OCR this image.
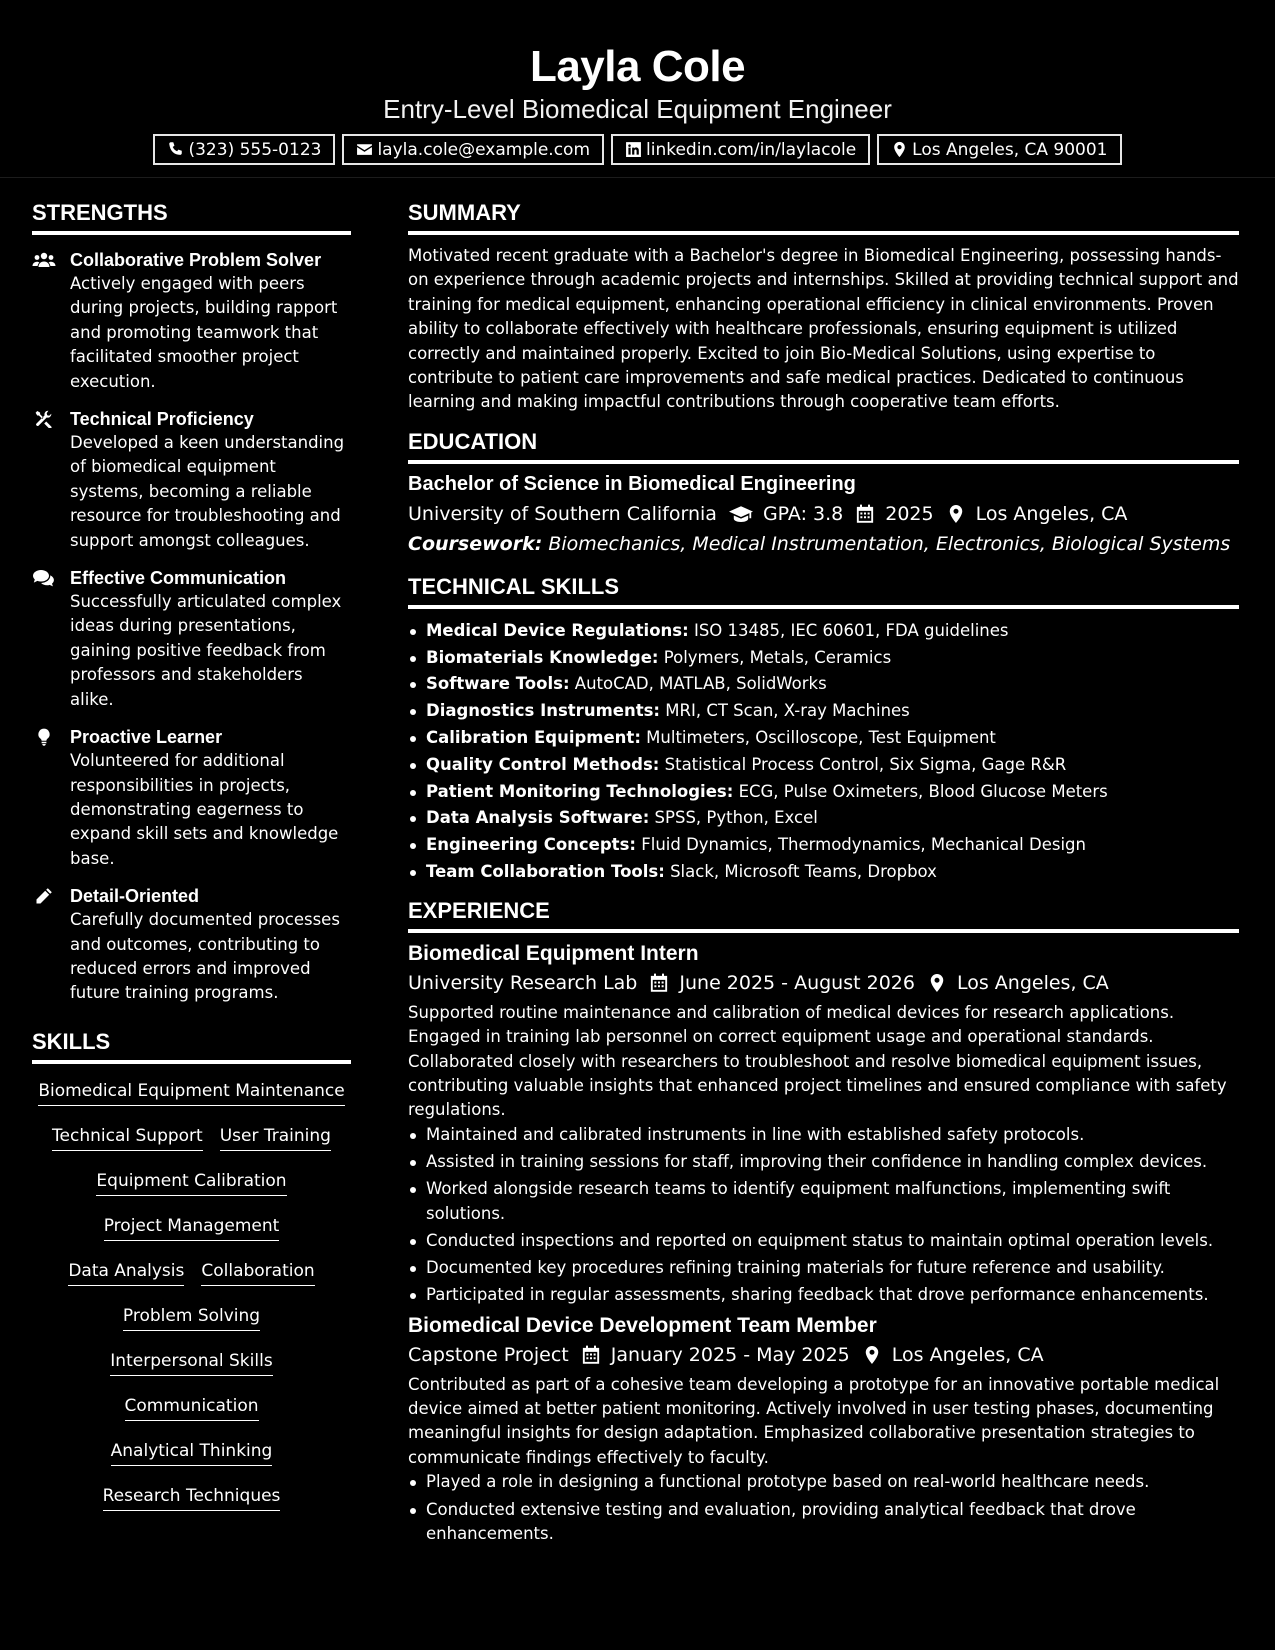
Layla Cole
Entry-Level Biomedical Equipment Engineer
(323) 555-0123	layla.cole@example.com	linkedin.com/in/laylacole	Los Angeles, CA 90001
STRENGTHS
Collaborative Problem Solver
Actively engaged with peers during projects, building rapport and promoting teamwork that facilitated smoother project execution.
Technical Proficiency
Developed a keen understanding of biomedical equipment systems, becoming a reliable resource for troubleshooting and support amongst colleagues.
Effective Communication
Successfully articulated complex ideas during presentations, gaining positive feedback from professors and stakeholders alike.
Proactive Learner
Volunteered for additional responsibilities in projects, demonstrating eagerness to expand skill sets and knowledge base.
Detail-Oriented
Carefully documented processes and outcomes, contributing to reduced errors and improved future training programs.
SKILLS
Biomedical Equipment Maintenance
Technical Support User Training
Equipment Calibration
Project Management
Data Analysis Collaboration
Problem Solving
Interpersonal Skills
Communication
Analytical Thinking
Research Techniques
SUMMARY
Motivated recent graduate with a Bachelor's degree in Biomedical Engineering, possessing hands-on experience through academic projects and internships. Skilled at providing technical support and training for medical equipment, enhancing operational efficiency in clinical environments. Proven ability to collaborate effectively with healthcare professionals, ensuring equipment is utilized correctly and maintained properly. Excited to join Bio-Medical Solutions, using expertise to contribute to patient care improvements and safe medical practices. Dedicated to continuous learning and making impactful contributions through cooperative team efforts.
EDUCATION
Bachelor of Science in Biomedical Engineering
University of Southern California GPA: 3.8 2025 Los Angeles, CA
Coursework: Biomechanics, Medical Instrumentation, Electronics, Biological Systems
TECHNICAL SKILLS
Medical Device Regulations: ISO 13485, IEC 60601, FDA guidelines
Biomaterials Knowledge: Polymers, Metals, Ceramics
Software Tools: AutoCAD, MATLAB, SolidWorks
Diagnostics Instruments: MRI, CT Scan, X-ray Machines
Calibration Equipment: Multimeters, Oscilloscope, Test Equipment
Quality Control Methods: Statistical Process Control, Six Sigma, Gage R&R
Patient Monitoring Technologies: ECG, Pulse Oximeters, Blood Glucose Meters
Data Analysis Software: SPSS, Python, Excel
Engineering Concepts: Fluid Dynamics, Thermodynamics, Mechanical Design
Team Collaboration Tools: Slack, Microsoft Teams, Dropbox
EXPERIENCE
Biomedical Equipment Intern
University Research Lab June 2025 - August 2026 Los Angeles, CA
Supported routine maintenance and calibration of medical devices for research applications. Engaged in training lab personnel on correct equipment usage and operational standards. Collaborated closely with researchers to troubleshoot and resolve biomedical equipment issues, contributing valuable insights that enhanced project timelines and ensured compliance with safety regulations.
Maintained and calibrated instruments in line with established safety protocols.
Assisted in training sessions for staff, improving their confidence in handling complex devices.
Worked alongside research teams to identify equipment malfunctions, implementing swift solutions.
Conducted inspections and reported on equipment status to maintain optimal operation levels.
Documented key procedures refining training materials for future reference and usability.
Participated in regular assessments, sharing feedback that drove performance enhancements.
Biomedical Device Development Team Member
Capstone Project January 2025 - May 2025 Los Angeles, CA
Contributed as part of a cohesive team developing a prototype for an innovative portable medical device aimed at better patient monitoring. Actively involved in user testing phases, documenting meaningful insights for design adaptation. Emphasized collaborative presentation strategies to communicate findings effectively to faculty.
Played a role in designing a functional prototype based on real-world healthcare needs.
Conducted extensive testing and evaluation, providing analytical feedback that drove enhancements.
